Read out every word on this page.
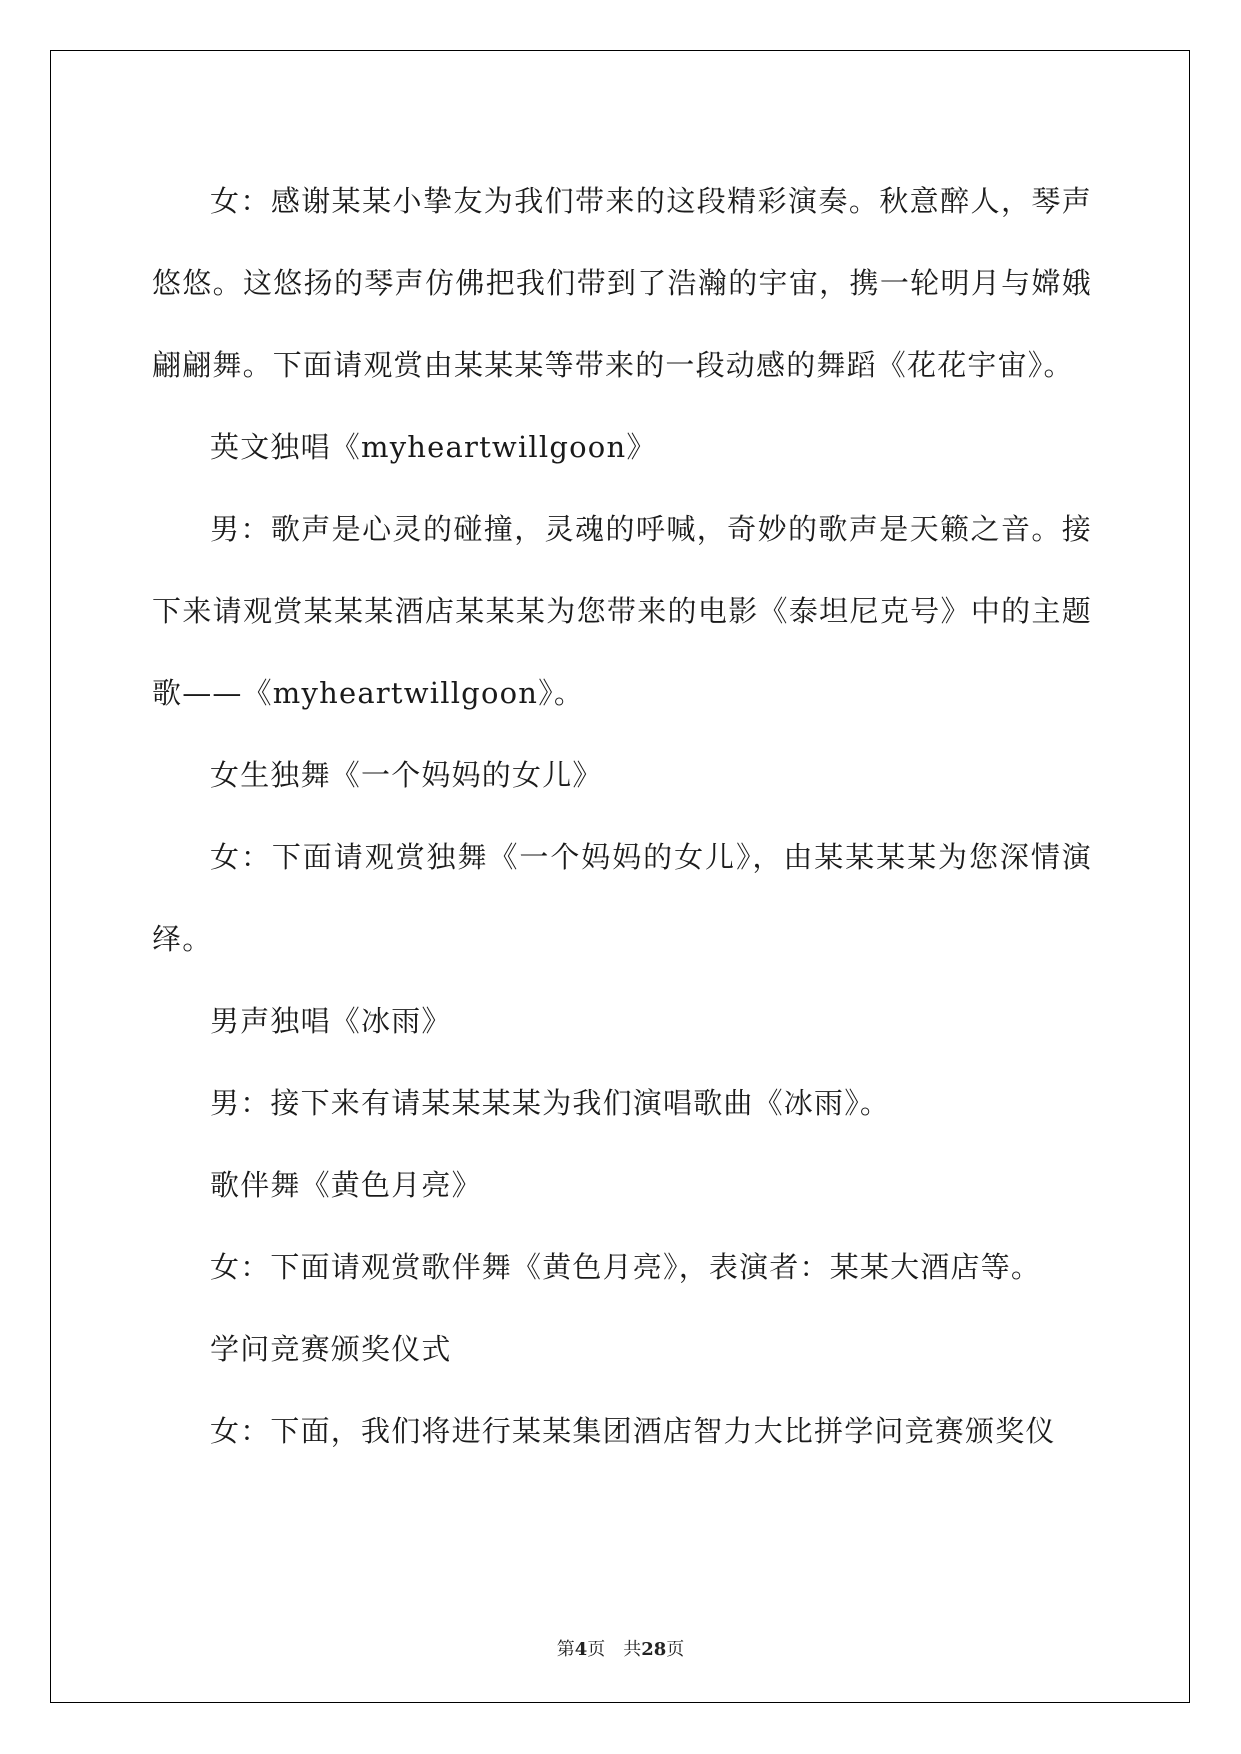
女：感谢某某小挚友为我们带来的这段精彩演奏。秋意醉人，琴声悠悠。这悠扬的琴声仿佛把我们带到了浩瀚的宇宙，携一轮明月与嫦娥翩翩舞。下面请观赏由某某某等带来的一段动感的舞蹈《花花宇宙》。

英文独唱《myheartwillgoon》

男：歌声是心灵的碰撞，灵魂的呼喊，奇妙的歌声是天籁之音。接下来请观赏某某某酒店某某某为您带来的电影《泰坦尼克号》中的主题歌——《myheartwillgoon》。

女生独舞《一个妈妈的女儿》

女：下面请观赏独舞《一个妈妈的女儿》，由某某某某为您深情演绎。

男声独唱《冰雨》

男：接下来有请某某某某为我们演唱歌曲《冰雨》。

歌伴舞《黄色月亮》

女：下面请观赏歌伴舞《黄色月亮》，表演者：某某大酒店等。

学问竞赛颁奖仪式

女：下面，我们将进行某某集团酒店智力大比拼学问竞赛颁奖仪

第4页　共28页
